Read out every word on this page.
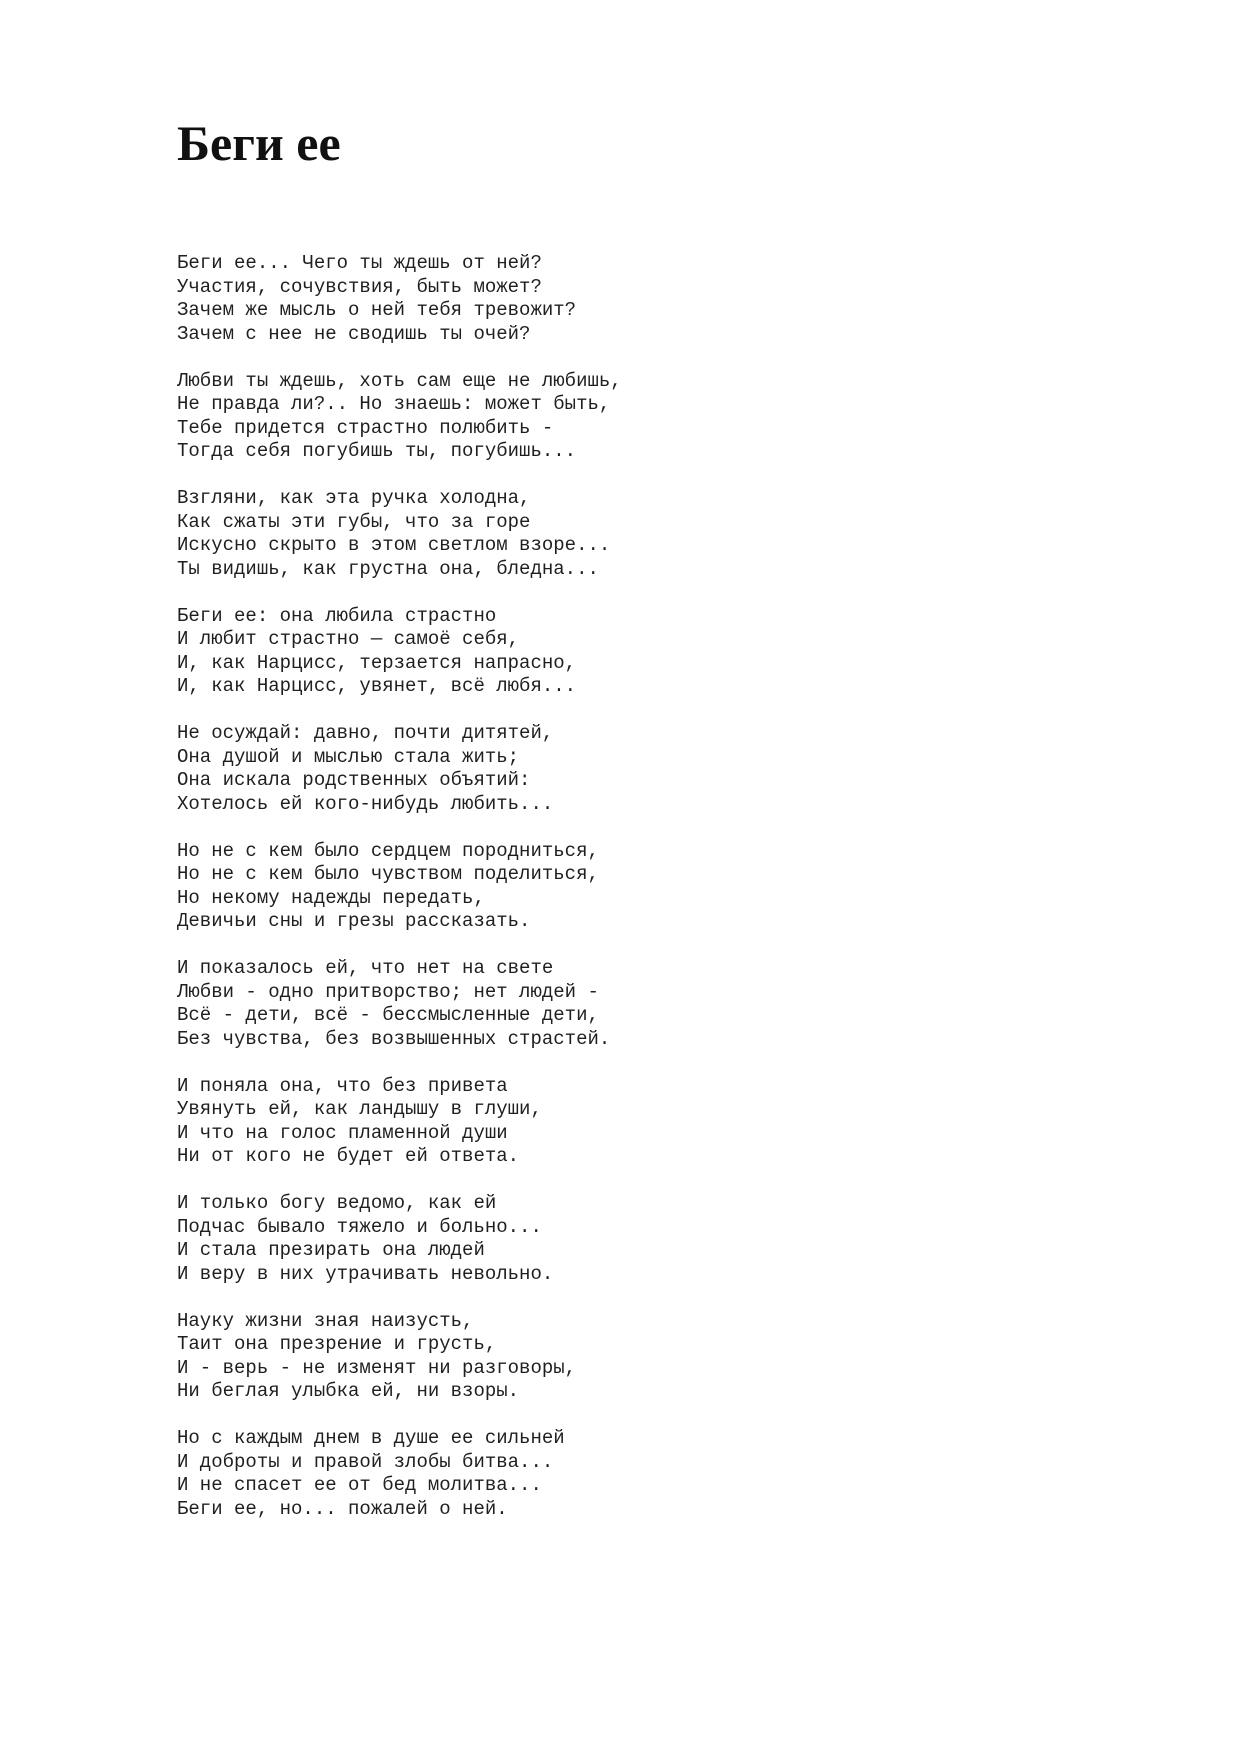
Беги ее
Беги ее... Чего ты ждешь от ней?
Участия, сочувствия, быть может?
Зачем же мысль о ней тебя тревожит?
Зачем с нее не сводишь ты очей?
Любви ты ждешь, хоть сам еще не любишь,
Не правда ли?.. Но знаешь: может быть,
Тебе придется страстно полюбить -
Тогда себя погубишь ты, погубишь...
Взгляни, как эта ручка холодна,
Как сжаты эти губы, что за горе
Искусно скрыто в этом светлом взоре...
Ты видишь, как грустна она, бледна...
Беги ее: она любила страстно
И любит страстно — самоё себя,
И, как Нарцисс, терзается напрасно,
И, как Нарцисс, увянет, всё любя...
Не осуждай: давно, почти дитятей,
Она душой и мыслью стала жить;
Она искала родственных объятий:
Хотелось ей кого-нибудь любить...
Но не с кем было сердцем породниться,
Но не с кем было чувством поделиться,
Но некому надежды передать,
Девичьи сны и грезы рассказать.
И показалось ей, что нет на свете
Любви - одно притворство; нет людей -
Всё - дети, всё - бессмысленные дети,
Без чувства, без возвышенных страстей.
И поняла она, что без привета
Увянуть ей, как ландышу в глуши,
И что на голос пламенной души
Ни от кого не будет ей ответа.
И только богу ведомо, как ей
Подчас бывало тяжело и больно...
И стала презирать она людей
И веру в них утрачивать невольно.
Науку жизни зная наизусть,
Таит она презрение и грусть,
И - верь - не изменят ни разговоры,
Ни беглая улыбка ей, ни взоры.
Но с каждым днем в душе ее сильней
И доброты и правой злобы битва...
И не спасет ее от бед молитва...
Беги ее, но... пожалей о ней.
